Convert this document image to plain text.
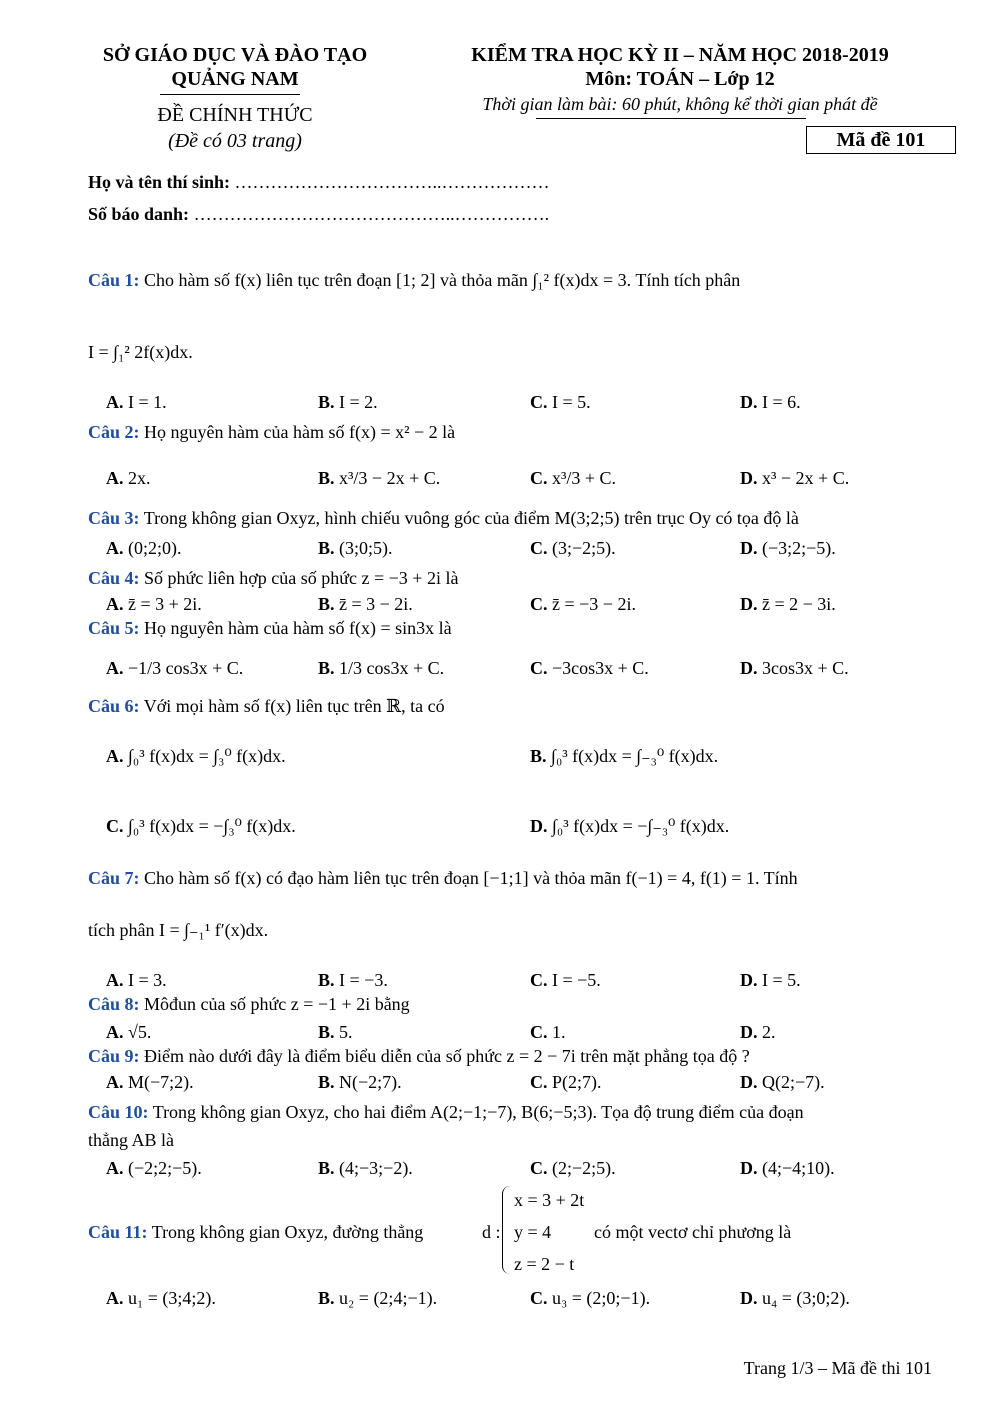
SỞ GIÁO DỤC VÀ ĐÀO TẠO
QUẢNG NAM
ĐỀ CHÍNH THỨC
(Đề có 03 trang)
KIỂM TRA HỌC KỲ II – NĂM HỌC 2018-2019
Môn: TOÁN – Lớp 12
Thời gian làm bài: 60 phút, không kể thời gian phát đề
Mã đề 101
Họ và tên thí sinh: ……………………………..………………
Số báo danh: ……………………………………..…………….
Câu 1: Cho hàm số f(x) liên tục trên đoạn [1; 2] và thỏa mãn ∫₁² f(x)dx = 3. Tính tích phân
I = ∫₁² 2f(x)dx.
A. I = 1.	B. I = 2.	C. I = 5.	D. I = 6.
Câu 2: Họ nguyên hàm của hàm số f(x) = x² − 2 là
A. 2x.	B. x³/3 − 2x + C.	C. x³/3 + C.	D. x³ − 2x + C.
Câu 3: Trong không gian Oxyz, hình chiếu vuông góc của điểm M(3;2;5) trên trục Oy có tọa độ là
A. (0;2;0).	B. (3;0;5).	C. (3;−2;5).	D. (−3;2;−5).
Câu 4: Số phức liên hợp của số phức z = −3 + 2i là
A. z̄ = 3 + 2i.	B. z̄ = 3 − 2i.	C. z̄ = −3 − 2i.	D. z̄ = 2 − 3i.
Câu 5: Họ nguyên hàm của hàm số f(x) = sin3x là
A. −1/3 cos3x + C.	B. 1/3 cos3x + C.	C. −3cos3x + C.	D. 3cos3x + C.
Câu 6: Với mọi hàm số f(x) liên tục trên ℝ, ta có
A. ∫₀³ f(x)dx = ∫₃⁰ f(x)dx.	B. ∫₀³ f(x)dx = ∫₋₃⁰ f(x)dx.
C. ∫₀³ f(x)dx = −∫₃⁰ f(x)dx.	D. ∫₀³ f(x)dx = −∫₋₃⁰ f(x)dx.
Câu 7: Cho hàm số f(x) có đạo hàm liên tục trên đoạn [−1;1] và thỏa mãn f(−1) = 4, f(1) = 1. Tính
tích phân I = ∫₋₁¹ f′(x)dx.
A. I = 3.	B. I = −3.	C. I = −5.	D. I = 5.
Câu 8: Môđun của số phức z = −1 + 2i bằng
A. √5.	B. 5.	C. 1.	D. 2.
Câu 9: Điểm nào dưới đây là điểm biểu diễn của số phức z = 2 − 7i trên mặt phẳng tọa độ ?
A. M(−7;2).	B. N(−2;7).	C. P(2;7).	D. Q(2;−7).
Câu 10: Trong không gian Oxyz, cho hai điểm A(2;−1;−7), B(6;−5;3). Tọa độ trung điểm của đoạn
thẳng AB là
A. (−2;2;−5).	B. (4;−3;−2).	C. (2;−2;5).	D. (4;−4;10).
Câu 11: Trong không gian Oxyz, đường thẳng	d :
x = 3 + 2t
y = 4
z = 2 − t
có một vectơ chỉ phương là
A. u₁ = (3;4;2).	B. u₂ = (2;4;−1).	C. u₃ = (2;0;−1).	D. u₄ = (3;0;2).
Trang 1/3 – Mã đề thi 101
